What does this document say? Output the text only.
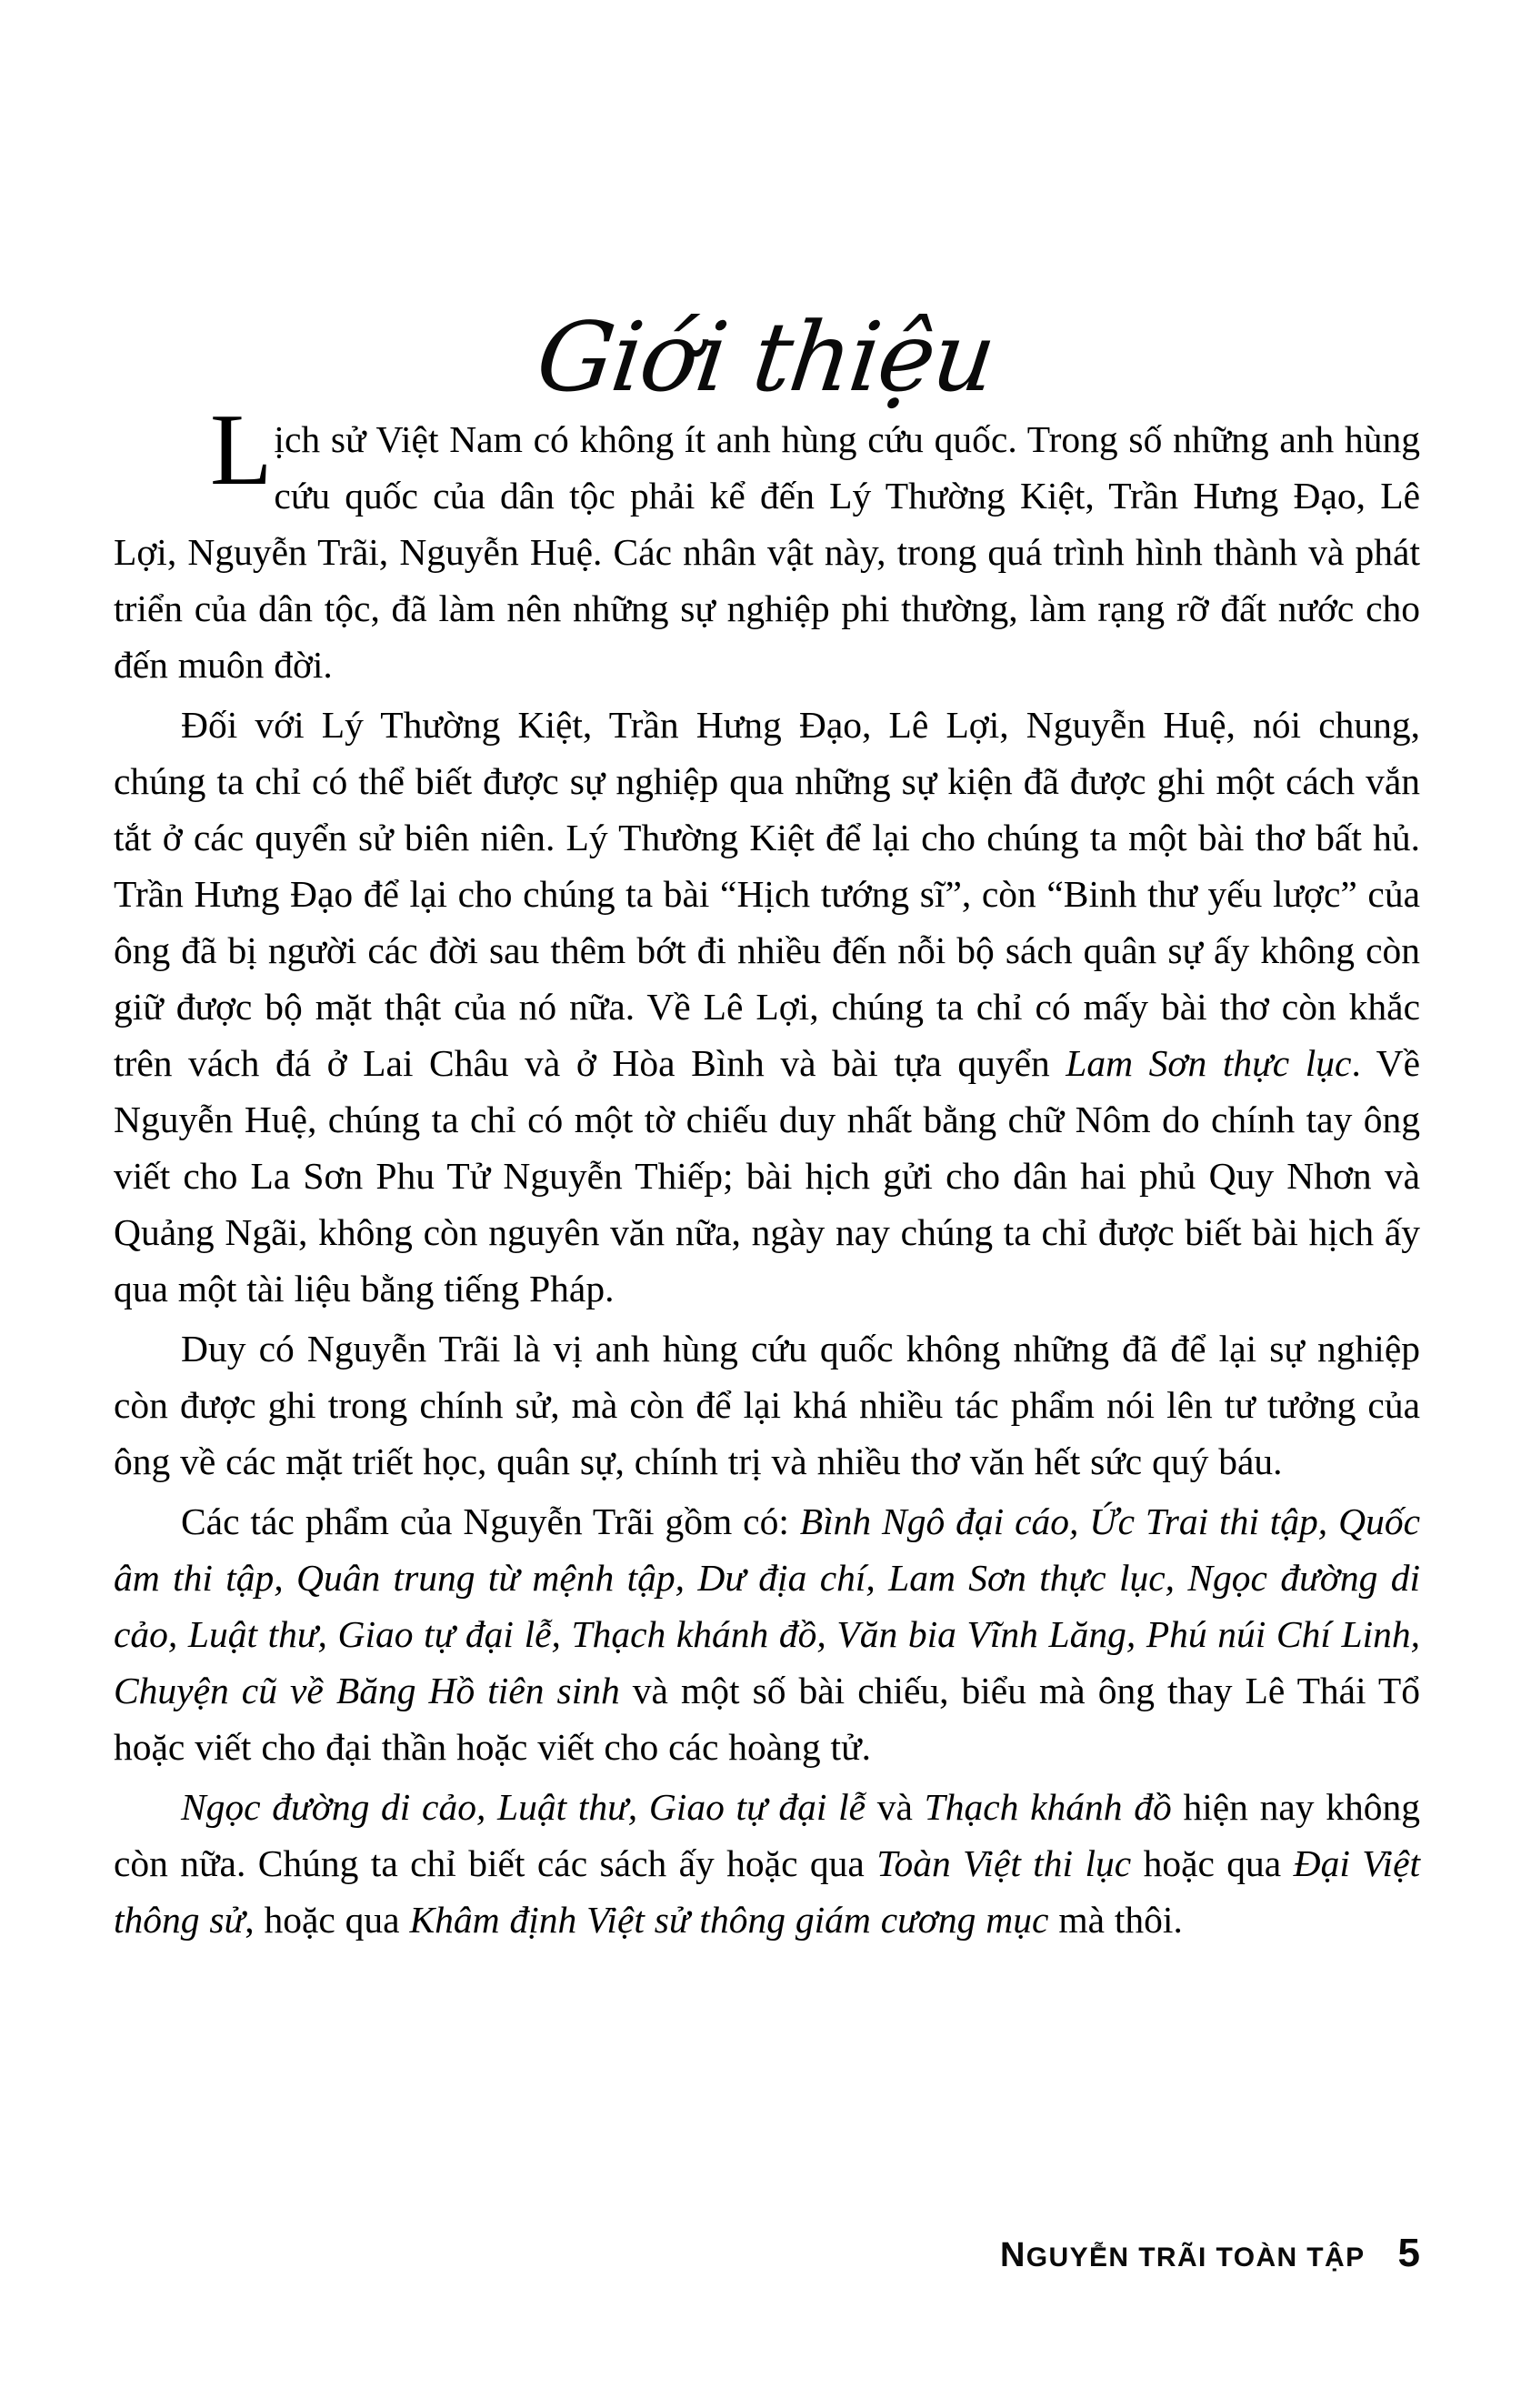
Giới thiệu

Lịch sử Việt Nam có không ít anh hùng cứu quốc. Trong số những anh hùng cứu quốc của dân tộc phải kể đến Lý Thường Kiệt, Trần Hưng Đạo, Lê Lợi, Nguyễn Trãi, Nguyễn Huệ. Các nhân vật này, trong quá trình hình thành và phát triển của dân tộc, đã làm nên những sự nghiệp phi thường, làm rạng rỡ đất nước cho đến muôn đời.

Đối với Lý Thường Kiệt, Trần Hưng Đạo, Lê Lợi, Nguyễn Huệ, nói chung, chúng ta chỉ có thể biết được sự nghiệp qua những sự kiện đã được ghi một cách vắn tắt ở các quyển sử biên niên. Lý Thường Kiệt để lại cho chúng ta một bài thơ bất hủ. Trần Hưng Đạo để lại cho chúng ta bài “Hịch tướng sĩ”, còn “Binh thư yếu lược” của ông đã bị người các đời sau thêm bớt đi nhiều đến nỗi bộ sách quân sự ấy không còn giữ được bộ mặt thật của nó nữa. Về Lê Lợi, chúng ta chỉ có mấy bài thơ còn khắc trên vách đá ở Lai Châu và ở Hòa Bình và bài tựa quyển Lam Sơn thực lục. Về Nguyễn Huệ, chúng ta chỉ có một tờ chiếu duy nhất bằng chữ Nôm do chính tay ông viết cho La Sơn Phu Tử Nguyễn Thiếp; bài hịch gửi cho dân hai phủ Quy Nhơn và Quảng Ngãi, không còn nguyên văn nữa, ngày nay chúng ta chỉ được biết bài hịch ấy qua một tài liệu bằng tiếng Pháp.

Duy có Nguyễn Trãi là vị anh hùng cứu quốc không những đã để lại sự nghiệp còn được ghi trong chính sử, mà còn để lại khá nhiều tác phẩm nói lên tư tưởng của ông về các mặt triết học, quân sự, chính trị và nhiều thơ văn hết sức quý báu.

Các tác phẩm của Nguyễn Trãi gồm có: Bình Ngô đại cáo, Ức Trai thi tập, Quốc âm thi tập, Quân trung từ mệnh tập, Dư địa chí, Lam Sơn thực lục, Ngọc đường di cảo, Luật thư, Giao tự đại lễ, Thạch khánh đồ, Văn bia Vĩnh Lăng, Phú núi Chí Linh, Chuyện cũ về Băng Hồ tiên sinh và một số bài chiếu, biểu mà ông thay Lê Thái Tổ hoặc viết cho đại thần hoặc viết cho các hoàng tử.

Ngọc đường di cảo, Luật thư, Giao tự đại lễ và Thạch khánh đồ hiện nay không còn nữa. Chúng ta chỉ biết các sách ấy hoặc qua Toàn Việt thi lục hoặc qua Đại Việt thông sử, hoặc qua Khâm định Việt sử thông giám cương mục mà thôi.

NGUYỄN TRÃI TOÀN TẬP 5
